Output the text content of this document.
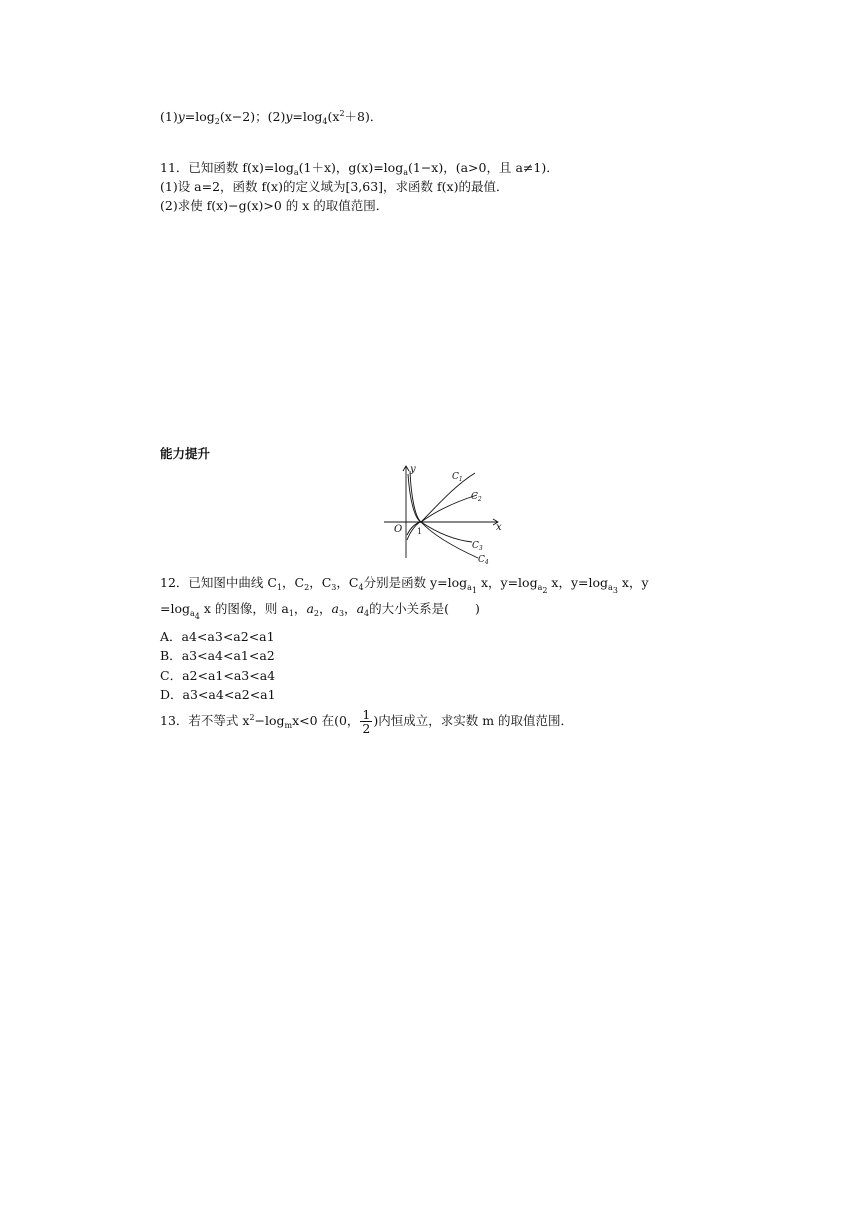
$(1)y=\log_2(x-2)$；$(2)y=\log_4(x^2+8)$．
11．已知函数 $f(x)=\log_a(1+x)$，$g(x)=\log_a(1-x)$，(a>0，且 a≠1)．
(1)设 a=2，函数 f(x)的定义域为[3,63]，求函数 f(x)的最值．
(2)求使 f(x)−g(x)>0 的 x 的取值范围．
能力提升
y
x
O 1
$C_1$
$C_2$
$C_3$
$C_4$
12．已知图中曲线 $C_1$，$C_2$，$C_3$，$C_4$分别是函数 $y=\log_{a1}$ x，$y=\log_{a2}$ x，$y=\log_{a3}$ x，y
$=\log_{a4}$ x 的图像，则 $a_1$，$a_2$，$a_3$，$a_4$的大小关系是( )
A．a4<a3<a2<a1
B．a3<a4<a1<a2
C．a2<a1<a3<a4
D．a3<a4<a2<a1
13．若不等式 $x^2-\log_mx<0$ 在(0， $\frac{1}{2}$ )内恒成立，求实数 m 的取值范围．
